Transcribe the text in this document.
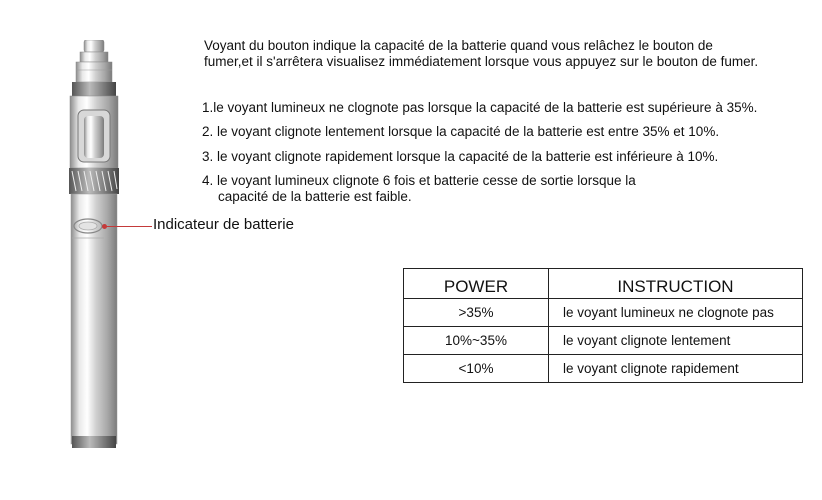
Indicateur de batterie
Voyant du bouton indique la capacité de la batterie quand vous relâchez le bouton de fumer,et il s'arrêtera visualisez immédiatement lorsque vous appuyez sur le bouton de fumer.
1.le voyant lumineux ne clognote pas lorsque la capacité de la batterie est supérieure à 35%.
2. le voyant clignote lentement lorsque la capacité de la batterie est entre 35% et 10%.
3. le voyant clignote rapidement lorsque la capacité de la batterie est inférieure à 10%.
4. le voyant lumineux clignote 6 fois et batterie cesse de sortie lorsque la
capacité de la batterie est faible.
POWER	INSTRUCTION
>35%	le voyant lumineux ne clognote pas
10%~35%	le voyant clignote lentement
<10%	le voyant clignote rapidement
